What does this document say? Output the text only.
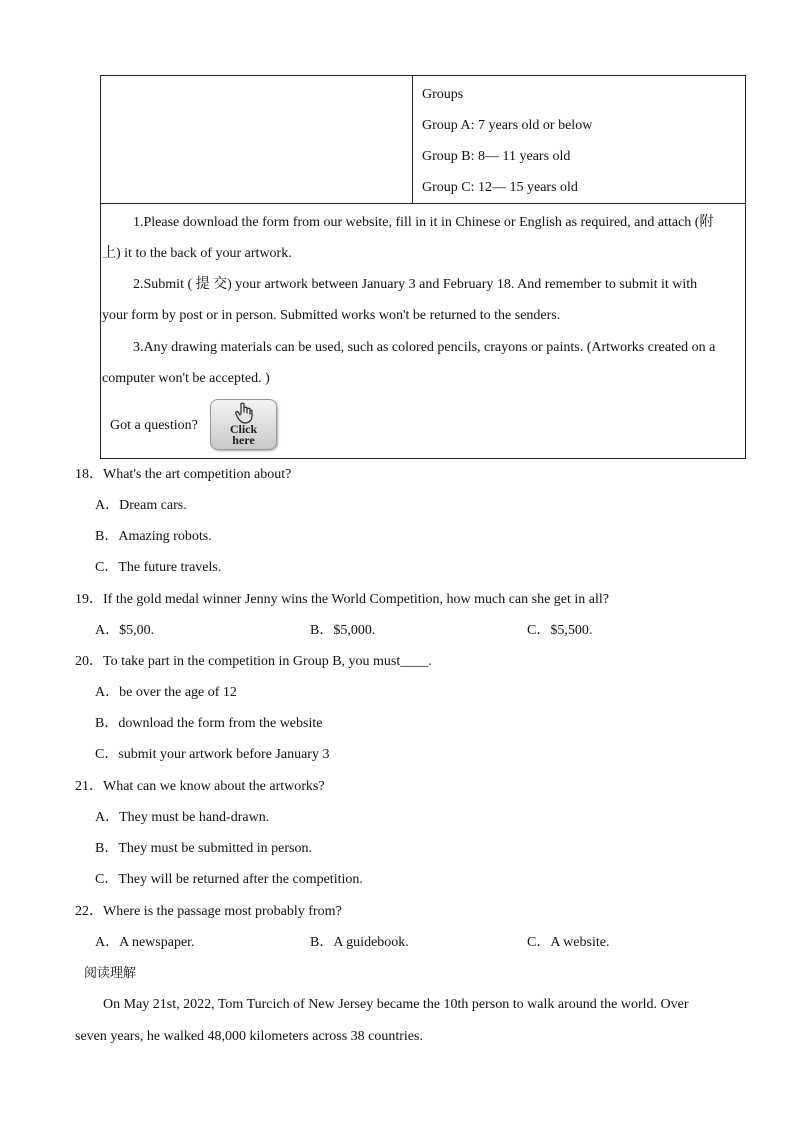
Groups
Group A: 7 years old or below
Group B: 8— 11 years old
Group C: 12— 15 years old
1.Please download the form from our website, fill in it in Chinese or English as required, and attach (附
上) it to the back of your artwork.
2.Submit ( 提 交) your artwork between January 3 and February 18. And remember to submit it with
your form by post or in person. Submitted works won't be returned to the senders.
3.Any drawing materials can be used, such as colored pencils, crayons or paints. (Artworks created on a
computer won't be accepted. )
Got a question?	Click
here
18．What's the art competition about?
A．Dream cars.
B．Amazing robots.
C．The future travels.
19．If the gold medal winner Jenny wins the World Competition, how much can she get in all?
A．$5,00.	B．$5,000.	C．$5,500.
20．To take part in the competition in Group B, you must____.
A．be over the age of 12
B．download the form from the website
C．submit your artwork before January 3
21．What can we know about the artworks?
A．They must be hand-drawn.
B．They must be submitted in person.
C．They will be returned after the competition.
22．Where is the passage most probably from?
A．A newspaper.	B．A guidebook.	C．A website.
阅读理解
On May 21st, 2022, Tom Turcich of New Jersey became the 10th person to walk around the world. Over
seven years, he walked 48,000 kilometers across 38 countries.
